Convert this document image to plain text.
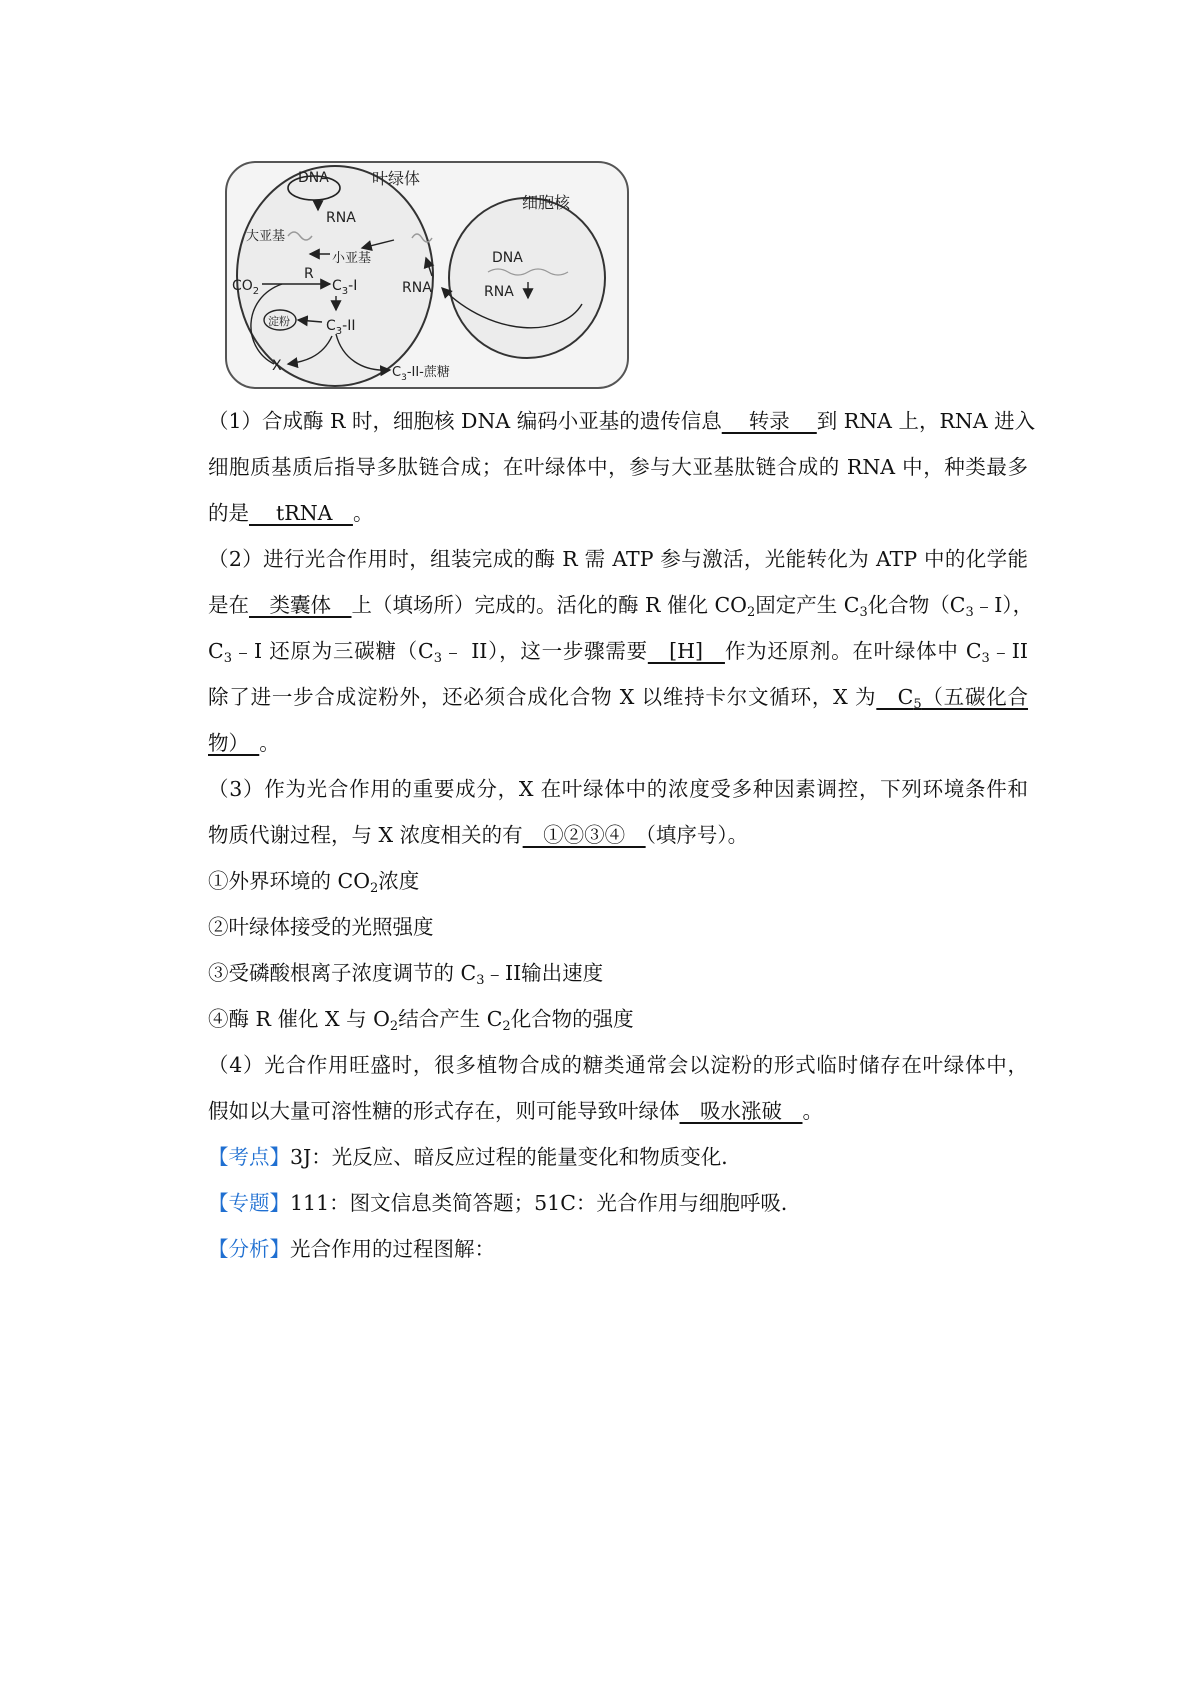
叶绿体
细胞核
DNA
RNA
大亚基
小亚基
R
$CO_2$	$C_3-I$
$C_3-II$
淀粉
X	$C_3-II-$蔗糖
DNA
RNA
RNA
（1）合成酶 R 时，细胞核 DNA 编码小亚基的遗传信息　 转录 　到 RNA 上，RNA 进入
细胞质基质后指导多肽链合成；在叶绿体中，参与大亚基肽链合成的 RNA 中，种类最多
的是　 tRNA　。
（2）进行光合作用时，组装完成的酶 R 需 ATP 参与激活，光能转化为 ATP 中的化学能
是在　类囊体　上（填场所）完成的。活化的酶 R 催化 $CO_2$固定产生 $C_3$化合物$(C_3﹣I)$，
$C_3﹣I$ 还原为三碳糖（$C_3﹣$ II），这一步骤需要　[H]　作为还原剂。在叶绿体中 $C_3﹣II$
除了进一步合成淀粉外，还必须合成化合物 X 以维持卡尔文循环，X 为　$C_5$（五碳化合
物）　。
（3）作为光合作用的重要成分，X 在叶绿体中的浓度受多种因素调控，下列环境条件和
物质代谢过程，与 X 浓度相关的有　①②③④　（填序号）。
①外界环境的 $CO_2$浓度
②叶绿体接受的光照强度
③受磷酸根离子浓度调节的 $C_3﹣II$输出速度
④酶 R 催化 X 与 $O_2$结合产生 $C_2$化合物的强度
（4）光合作用旺盛时，很多植物合成的糖类通常会以淀粉的形式临时储存在叶绿体中，
假如以大量可溶性糖的形式存在，则可能导致叶绿体　吸水涨破　。
【考点】3J：光反应、暗反应过程的能量变化和物质变化．
【专题】111：图文信息类简答题；51C：光合作用与细胞呼吸．
【分析】光合作用的过程图解：
